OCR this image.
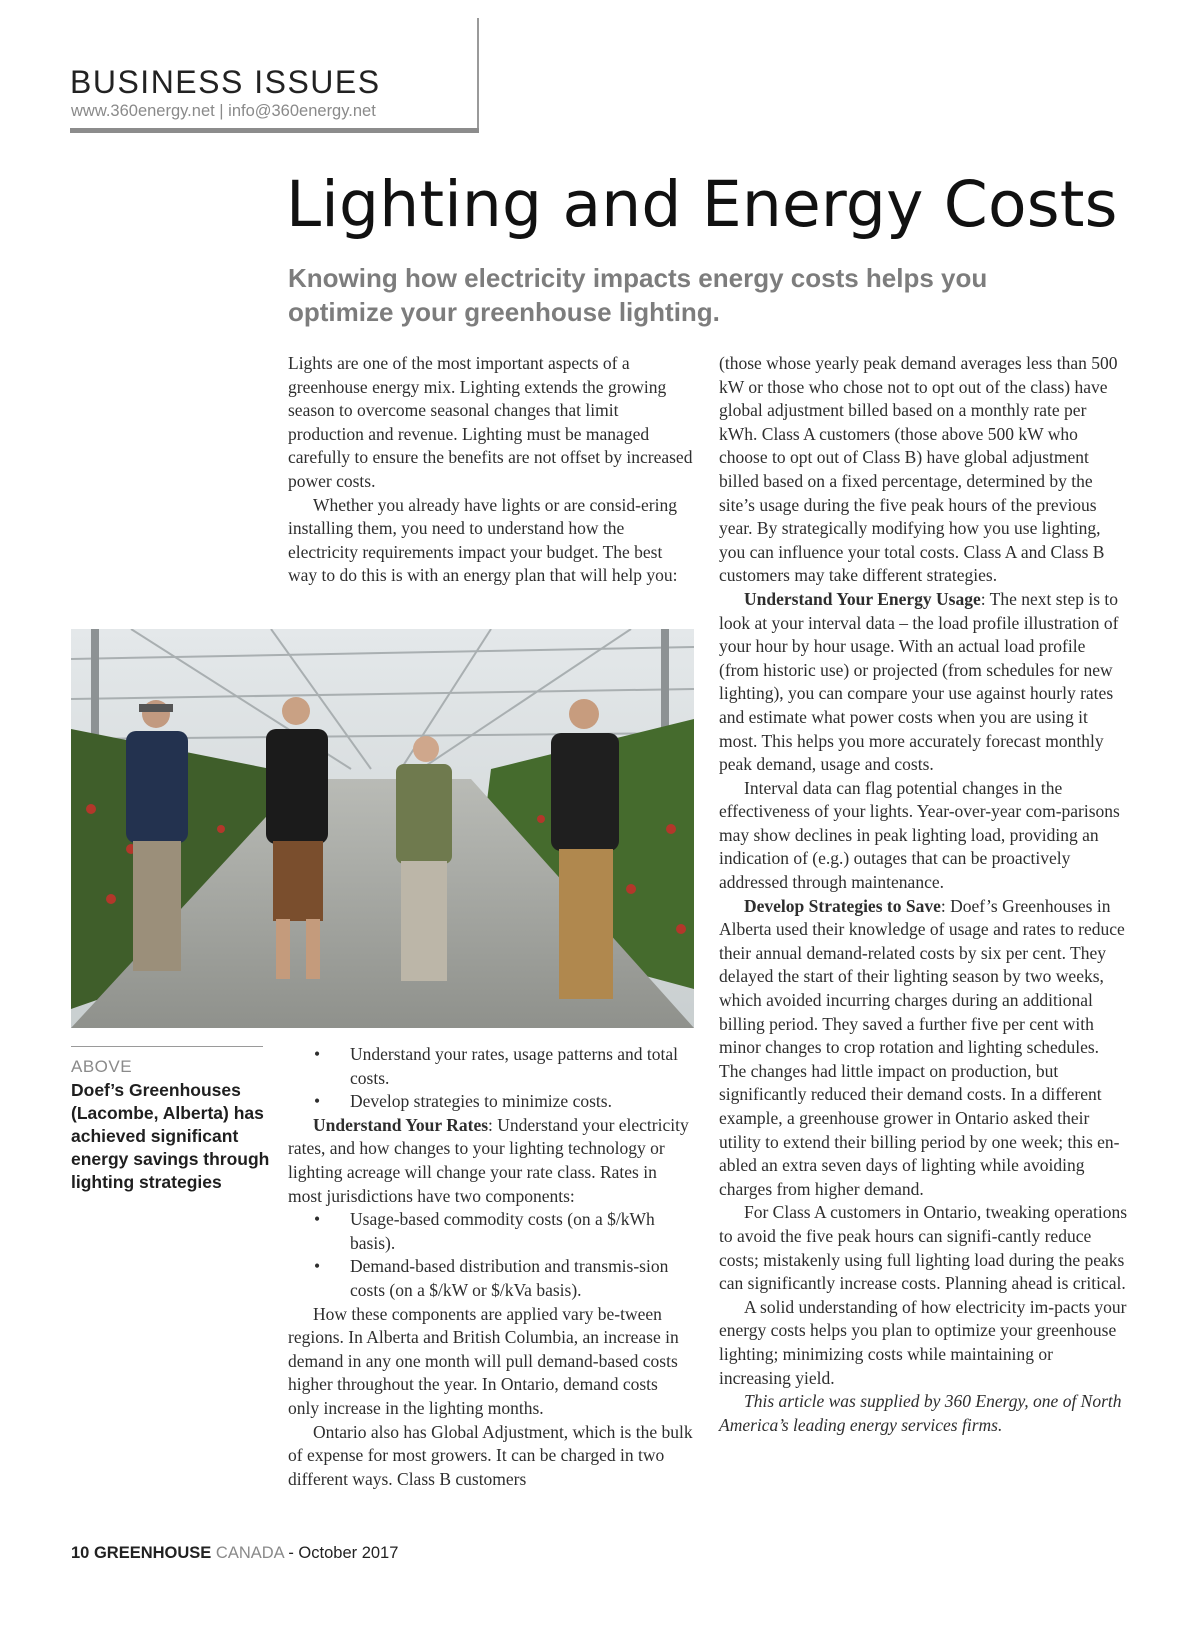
BUSINESS ISSUES
www.360energy.net | info@360energy.net
Lighting and Energy Costs
Knowing how electricity impacts energy costs helps you optimize your greenhouse lighting.

Lights are one of the most important aspects of a greenhouse energy mix. Lighting extends the growing season to overcome seasonal changes that limit production and revenue. Lighting must be managed carefully to ensure the benefits are not offset by increased power costs.

Whether you already have lights or are consid-ering installing them, you need to understand how the electricity requirements impact your budget. The best way to do this is with an energy plan that will help you:

ABOVE
Doef’s Greenhouses (Lacombe, Alberta) has achieved significant energy savings through lighting strategies
• Understand your rates, usage patterns and total costs.
• Develop strategies to minimize costs.

Understand Your Rates: Understand your electricity rates, and how changes to your lighting technology or lighting acreage will change your rate class. Rates in most jurisdictions have two components:

• Usage-based commodity costs (on a $/kWh basis).
• Demand-based distribution and transmis-sion costs (on a $/kW or $/kVa basis).

How these components are applied vary be-tween regions. In Alberta and British Columbia, an increase in demand in any one month will pull demand-based costs higher throughout the year. In Ontario, demand costs only increase in the lighting months.

Ontario also has Global Adjustment, which is the bulk of expense for most growers. It can be charged in two different ways. Class B customers

(those whose yearly peak demand averages less than 500 kW or those who chose not to opt out of the class) have global adjustment billed based on a monthly rate per kWh. Class A customers (those above 500 kW who choose to opt out of Class B) have global adjustment billed based on a fixed percentage, determined by the site’s usage during the five peak hours of the previous year. By strategically modifying how you use lighting, you can influence your total costs. Class A and Class B customers may take different strategies.

Understand Your Energy Usage: The next step is to look at your interval data – the load profile illustration of your hour by hour usage. With an actual load profile (from historic use) or projected (from schedules for new lighting), you can compare your use against hourly rates and estimate what power costs when you are using it most. This helps you more accurately forecast monthly peak demand, usage and costs.

Interval data can flag potential changes in the effectiveness of your lights. Year-over-year com-parisons may show declines in peak lighting load, providing an indication of (e.g.) outages that can be proactively addressed through maintenance.

Develop Strategies to Save: Doef’s Greenhouses in Alberta used their knowledge of usage and rates to reduce their annual demand-related costs by six per cent. They delayed the start of their lighting season by two weeks, which avoided incurring charges during an additional billing period. They saved a further five per cent with minor changes to crop rotation and lighting schedules. The changes had little impact on production, but significantly reduced their demand costs. In a different example, a greenhouse grower in Ontario asked their utility to extend their billing period by one week; this en-abled an extra seven days of lighting while avoiding charges from higher demand.

For Class A customers in Ontario, tweaking operations to avoid the five peak hours can signifi-cantly reduce costs; mistakenly using full lighting load during the peaks can significantly increase costs. Planning ahead is critical.

A solid understanding of how electricity im-pacts your energy costs helps you plan to optimize your greenhouse lighting; minimizing costs while maintaining or increasing yield.

This article was supplied by 360 Energy, one of North America’s leading energy services firms.

10 GREENHOUSE CANADA - October 2017
